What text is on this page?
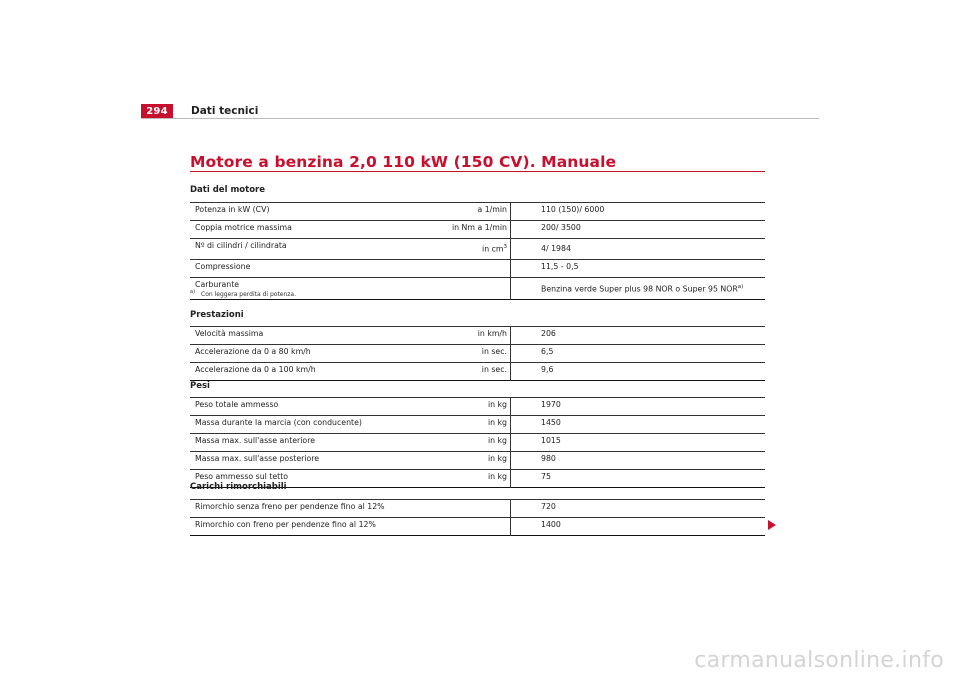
294	Dati tecnici
Motore a benzina 2,0 110 kW (150 CV). Manuale
Dati del motore
Potenza in kW (CV)	a 1/min	110 (150)/ 6000
Coppia motrice massima	in Nm a 1/min	200/ 3500
Nº di cilindri / cilindrata	in $cm^3$	4/ 1984
Compressione		11,5 - 0,5
Carburante		Benzina verde Super plus 98 NOR o Super 95 NOR$^{a)}$
$^{a)}$ Con leggera perdita di potenza.
Prestazioni
Velocità massima	in km/h	206
Accelerazione da 0 a 80 km/h	in sec.	6,5
Accelerazione da 0 a 100 km/h	in sec.	9,6
Pesi
Peso totale ammesso	in kg	1970
Massa durante la marcia (con conducente)	in kg	1450
Massa max. sull'asse anteriore	in kg	1015
Massa max. sull'asse posteriore	in kg	980
Peso ammesso sul tetto	in kg	75
Carichi rimorchiabili
Rimorchio senza freno per pendenze fino al 12%		720
Rimorchio con freno per pendenze fino al 12%		1400
carmanualsonline.info
